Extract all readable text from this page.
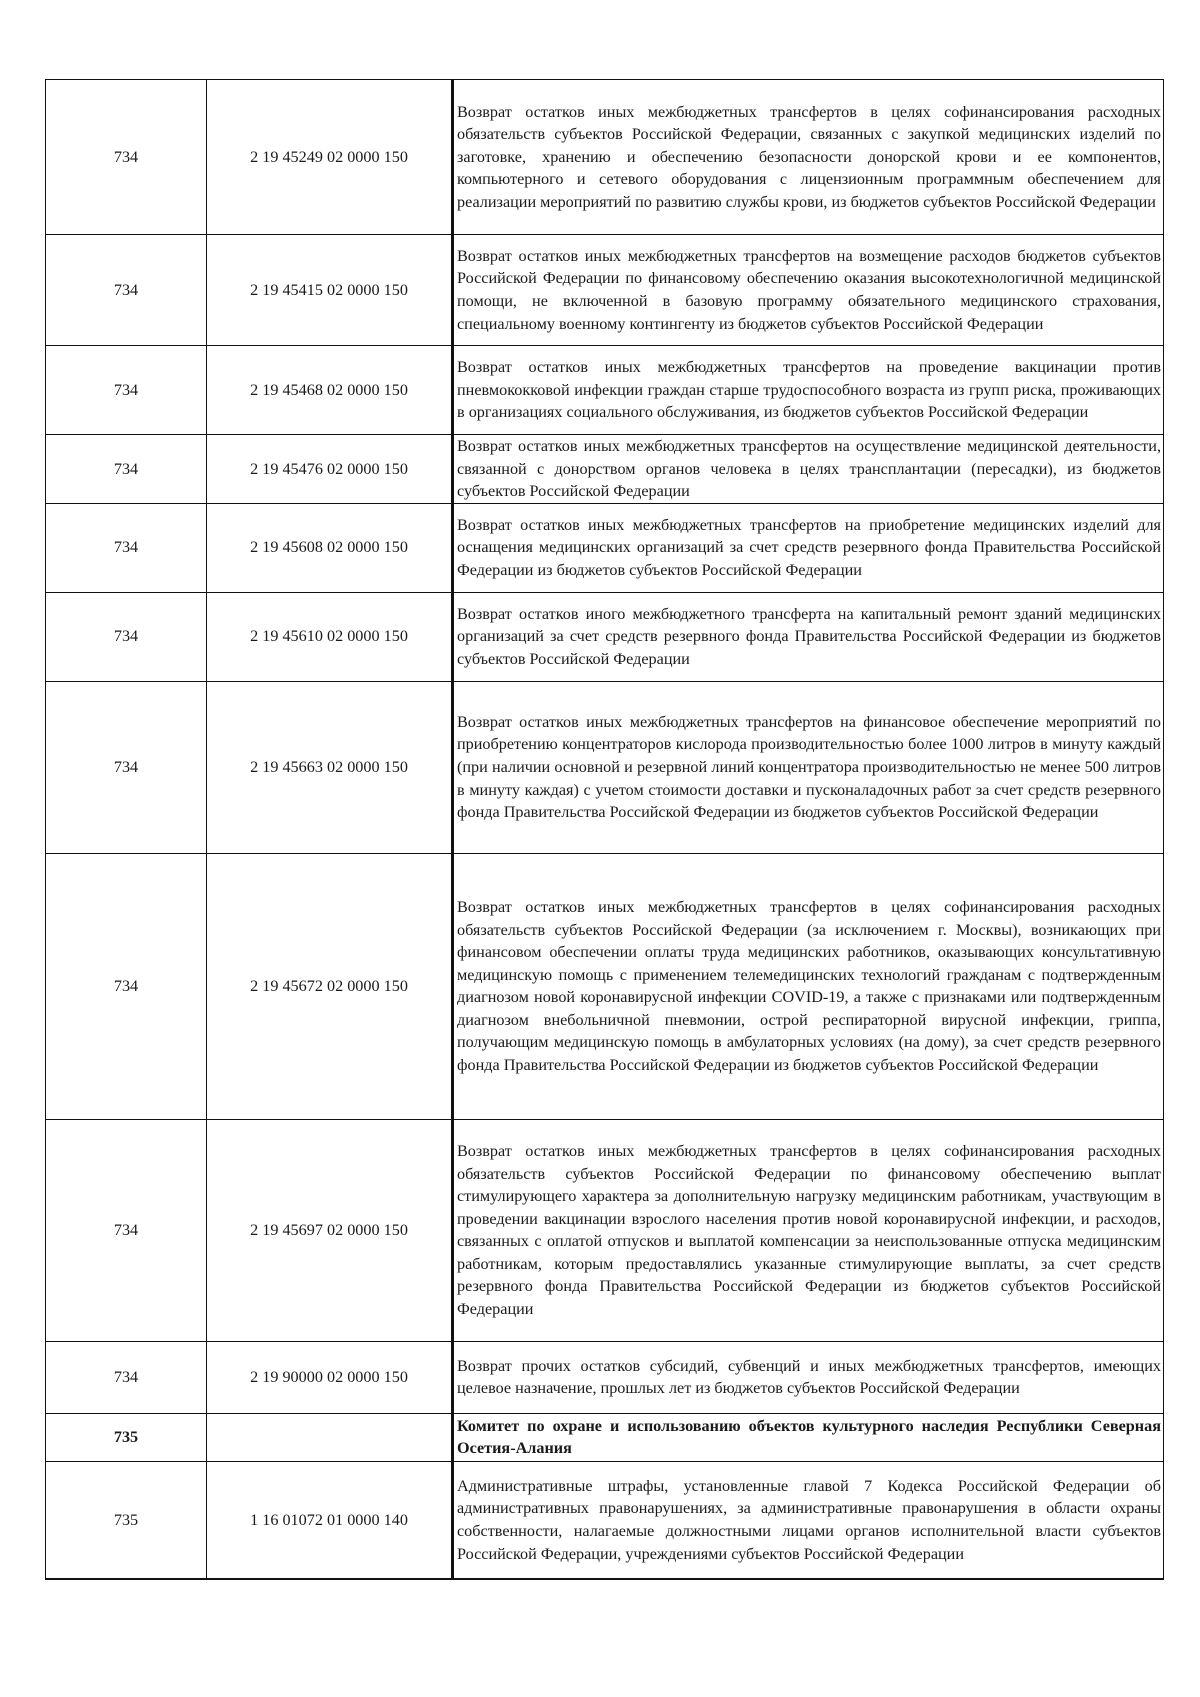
734	2 19 45249 02 0000 150	Возврат остатков иных межбюджетных трансфертов в целях софинансирования расходных обязательств субъектов Российской Федерации, связанных с закупкой медицинских изделий по заготовке, хранению и обеспечению безопасности донорской крови и ее компонентов, компьютерного и сетевого оборудования с лицензионным программным обеспечением для реализации мероприятий по развитию службы крови, из бюджетов субъектов Российской Федерации

734	2 19 45415 02 0000 150	Возврат остатков иных межбюджетных трансфертов на возмещение расходов бюджетов субъектов Российской Федерации по финансовому обеспечению оказания высокотехнологичной медицинской помощи, не включенной в базовую программу обязательного медицинского страхования, специальному военному контингенту из бюджетов субъектов Российской Федерации

734	2 19 45468 02 0000 150	Возврат остатков иных межбюджетных трансфертов на проведение вакцинации против пневмококковой инфекции граждан старше трудоспособного возраста из групп риска, проживающих в организациях социального обслуживания, из бюджетов субъектов Российской Федерации

734	2 19 45476 02 0000 150	Возврат остатков иных межбюджетных трансфертов на осуществление медицинской деятельности, связанной с донорством органов человека в целях трансплантации (пересадки), из бюджетов субъектов Российской Федерации

734	2 19 45608 02 0000 150	Возврат остатков иных межбюджетных трансфертов на приобретение медицинских изделий для оснащения медицинских организаций за счет средств резервного фонда Правительства Российской Федерации из бюджетов субъектов Российской Федерации

734	2 19 45610 02 0000 150	Возврат остатков иного межбюджетного трансферта на капитальный ремонт зданий медицинских организаций за счет средств резервного фонда Правительства Российской Федерации из бюджетов субъектов Российской Федерации

734	2 19 45663 02 0000 150	Возврат остатков иных межбюджетных трансфертов на финансовое обеспечение мероприятий по приобретению концентраторов кислорода производительностью более 1000 литров в минуту каждый (при наличии основной и резервной линий концентратора производительностью не менее 500 литров в минуту каждая) с учетом стоимости доставки и пусконаладочных работ за счет средств резервного фонда Правительства Российской Федерации из бюджетов субъектов Российской Федерации

734	2 19 45672 02 0000 150	Возврат остатков иных межбюджетных трансфертов в целях софинансирования расходных обязательств субъектов Российской Федерации (за исключением г. Москвы), возникающих при финансовом обеспечении оплаты труда медицинских работников, оказывающих консультативную медицинскую помощь с применением телемедицинских технологий гражданам с подтвержденным диагнозом новой коронавирусной инфекции COVID-19, а также с признаками или подтвержденным диагнозом внебольничной пневмонии, острой респираторной вирусной инфекции, гриппа, получающим медицинскую помощь в амбулаторных условиях (на дому), за счет средств резервного фонда Правительства Российской Федерации из бюджетов субъектов Российской Федерации

734	2 19 45697 02 0000 150	Возврат остатков иных межбюджетных трансфертов в целях софинансирования расходных обязательств субъектов Российской Федерации по финансовому обеспечению выплат стимулирующего характера за дополнительную нагрузку медицинским работникам, участвующим в проведении вакцинации взрослого населения против новой коронавирусной инфекции, и расходов, связанных с оплатой отпусков и выплатой компенсации за неиспользованные отпуска медицинским работникам, которым предоставлялись указанные стимулирующие выплаты, за счет средств резервного фонда Правительства Российской Федерации из бюджетов субъектов Российской Федерации

734	2 19 90000 02 0000 150	Возврат прочих остатков субсидий, субвенций и иных межбюджетных трансфертов, имеющих целевое назначение, прошлых лет из бюджетов субъектов Российской Федерации

735		Комитет по охране и использованию объектов культурного наследия Республики Северная Осетия-Алания

735	1 16 01072 01 0000 140	Административные штрафы, установленные главой 7 Кодекса Российской Федерации об административных правонарушениях, за административные правонарушения в области охраны собственности, налагаемые должностными лицами органов исполнительной власти субъектов Российской Федерации, учреждениями субъектов Российской Федерации
